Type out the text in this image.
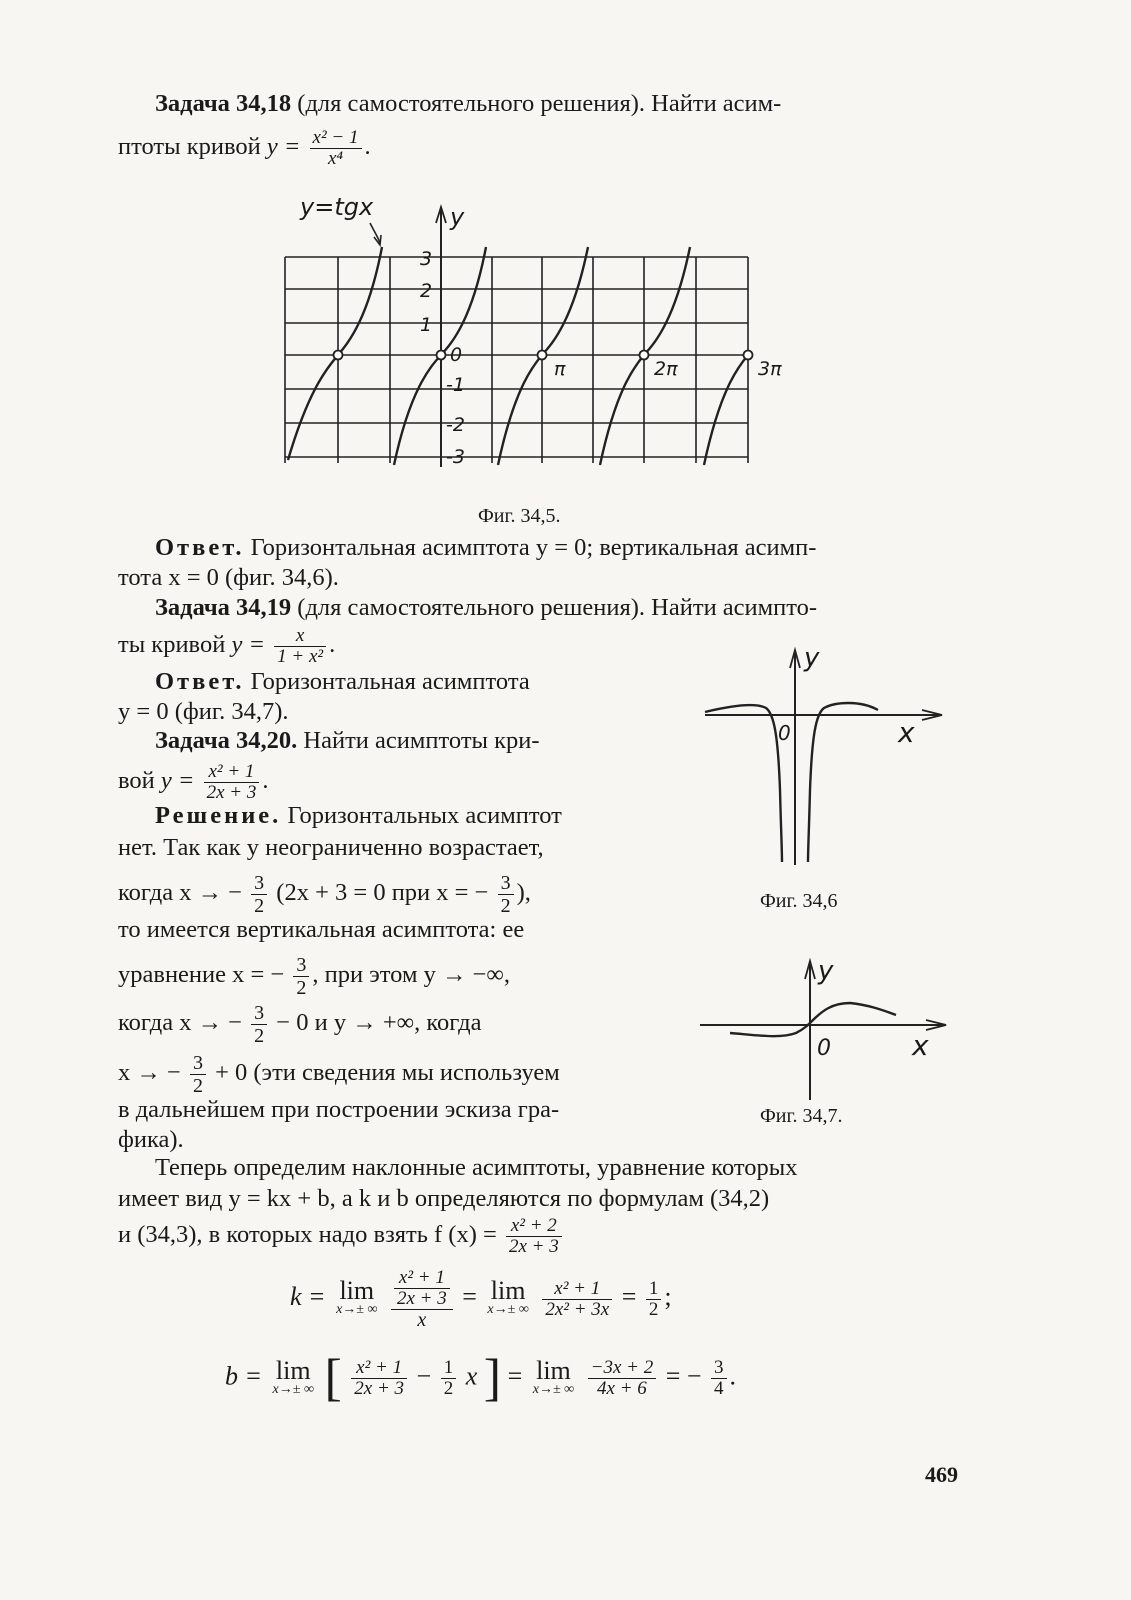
Задача 34,18 (для самостоятельного решения). Найти асим-
птоты кривой $y = \frac{\text{x² − 1}}{\text{x⁴}}$ .
y=tgx	y
3
2
1
0
-1
-2
-3
π	2π	3π
Фиг. 34,5.
Ответ. Горизонтальная асимптота y = 0; вертикальная асимп-
тота x = 0 (фиг. 34,6).
Задача 34,19 (для самостоятельного решения). Найти асимпто-
ты кривой $y = \frac{x}{\text{1 + x²}}$ .
Ответ. Горизонтальная асимптота
y = 0 (фиг. 34,7).
Задача 34,20. Найти асимптоты кри-
вой $y = \frac{\text{x² + 1}}{2x + 3}$ .
Решение. Горизонтальных асимптот
нет. Так как y неограниченно возрастает,
когда x → − $\frac{3}{2} (2x + 3 = 0$ при x = − $\frac{3}{2}$ ),
то имеется вертикальная асимптота: ее
уравнение x = − $\frac{3}{2}$ , при этом y → −∞,
когда x → − $\frac{3}{2} - 0$ и y → +∞, когда
x → − $\frac{3}{2} + 0$ (эти сведения мы используем
в дальнейшем при построении эскиза гра-
фика).
y
x
0
Фиг. 34,6
y
x
0
Фиг. 34,7.
Теперь определим наклонные асимптоты, уравнение которых
имеет вид y = kx + b, а k и b определяются по формулам (34,2)
и (34,3), в которых надо взять f $(x) = \frac{\text{x² + 2}}{2x + 3}$
k = lim
x→± ∞
$\frac{\frac{\text{x² + 1}}{2x + 3}}{x} = \lim$
x→± ∞
$\frac{\text{x² + 1}}{\text{2x² + 3x}} = \frac{1}{2}$ ;
b = lim
x→± ∞ [ $\frac{\text{x² + 1}}{2x + 3} - \frac{1}{2}$ x ] = lim
x→± ∞
$\frac{-3x + 2}{4x + 6}$ = − $\frac{3}{4}$ .
469
